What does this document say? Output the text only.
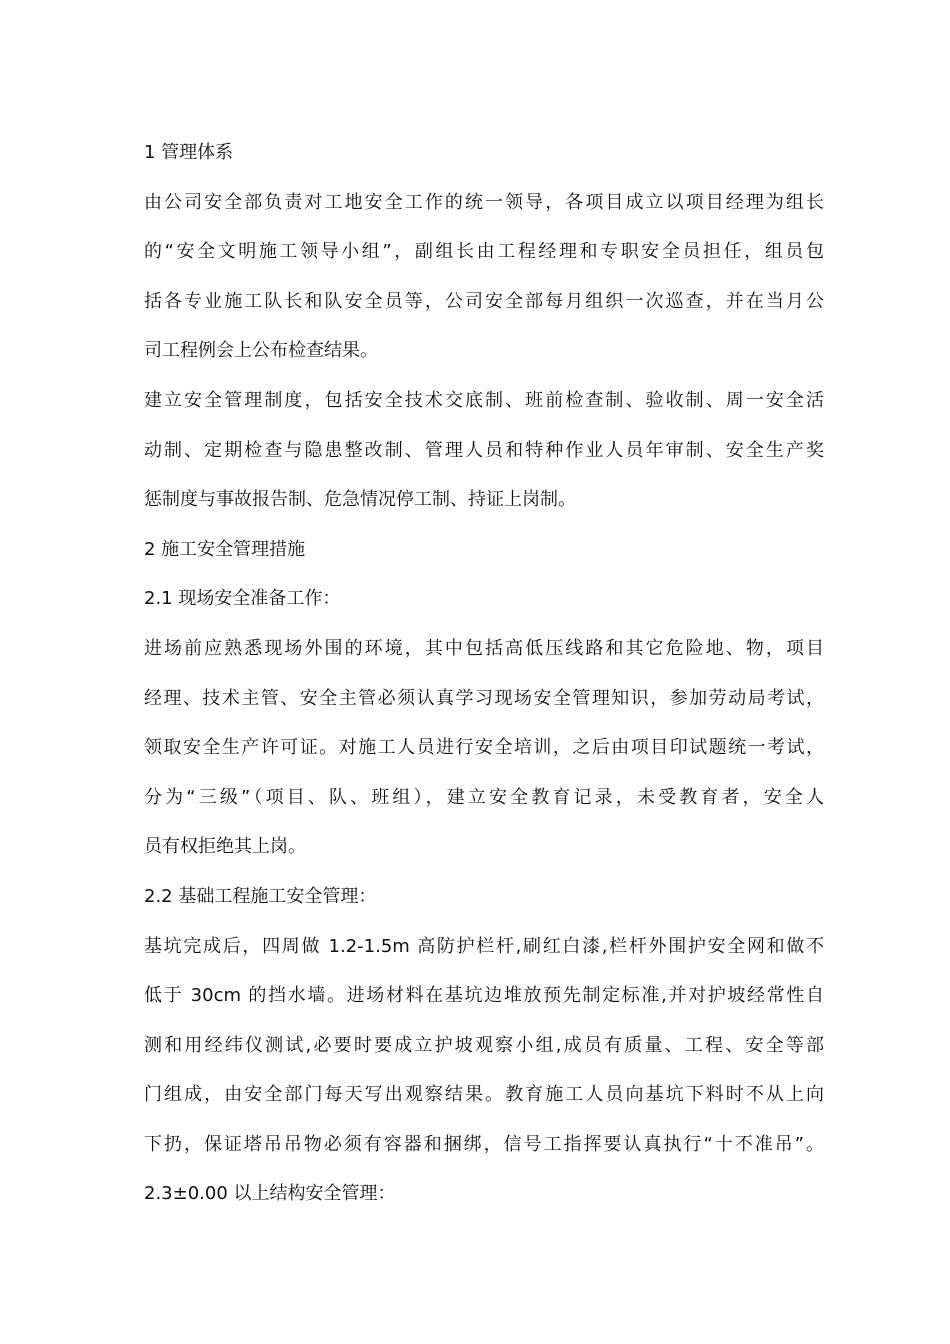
1 管理体系
由公司安全部负责对工地安全工作的统一领导，各项目成立以项目经理为组长
的“安全文明施工领导小组”，副组长由工程经理和专职安全员担任，组员包
括各专业施工队长和队安全员等，公司安全部每月组织一次巡查，并在当月公
司工程例会上公布检查结果。
建立安全管理制度，包括安全技术交底制、班前检查制、验收制、周一安全活
动制、定期检查与隐患整改制、管理人员和特种作业人员年审制、安全生产奖
惩制度与事故报告制、危急情况停工制、持证上岗制。
2 施工安全管理措施
2.1 现场安全准备工作：
进场前应熟悉现场外围的环境，其中包括高低压线路和其它危险地、物，项目
经理、技术主管、安全主管必须认真学习现场安全管理知识，参加劳动局考试，
领取安全生产许可证。对施工人员进行安全培训，之后由项目印试题统一考试，
分为“三级”（项目、队、班组），建立安全教育记录，未受教育者，安全人
员有权拒绝其上岗。
2.2 基础工程施工安全管理：
基坑完成后，四周做 1.2-1.5m 高防护栏杆,刷红白漆,栏杆外围护安全网和做不
低于 30cm 的挡水墙。进场材料在基坑边堆放预先制定标准,并对护坡经常性自
测和用经纬仪测试,必要时要成立护坡观察小组,成员有质量、工程、安全等部
门组成，由安全部门每天写出观察结果。教育施工人员向基坑下料时不从上向
下扔，保证塔吊吊物必须有容器和捆绑，信号工指挥要认真执行“十不准吊”。
2.3±0.00 以上结构安全管理：
